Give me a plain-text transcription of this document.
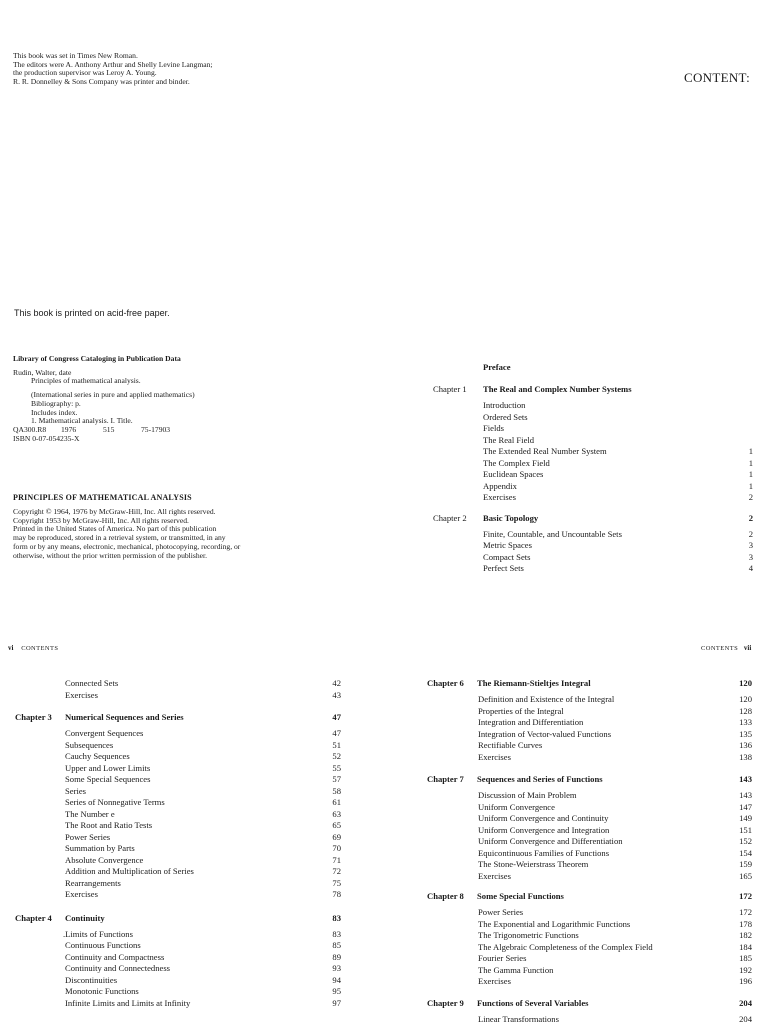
This book was set in Times New Roman.
The editors were A. Anthony Arthur and Shelly Levine Langman;
the production supervisor was Leroy A. Young.
R. R. Donnelley & Sons Company was printer and binder.
This book is printed on acid-free paper.
Library of Congress Cataloging in Publication Data
Rudin, Walter, date
Principles of mathematical analysis.
(International series in pure and applied mathematics)
Bibliography: p.
Includes index.
1. Mathematical analysis. I. Title.
QA300.R8 1976	515	75-17903
ISBN 0-07-054235-X
PRINCIPLES OF MATHEMATICAL ANALYSIS
Copyright © 1964, 1976 by McGraw-Hill, Inc. All rights reserved.
Copyright 1953 by McGraw-Hill, Inc. All rights reserved.
Printed in the United States of America. No part of this publication
may be reproduced, stored in a retrieval system, or transmitted, in any
form or by any means, electronic, mechanical, photocopying, recording, or
otherwise, without the prior written permission of the publisher.
CONTENT:
Preface
Chapter 1 The Real and Complex Number Systems
Introduction
Ordered Sets
Fields
The Real Field
The Extended Real Number System	1
The Complex Field	1
Euclidean Spaces	1
Appendix	1
Exercises	2
Chapter 2 Basic Topology	2
Finite, Countable, and Uncountable Sets	2
Metric Spaces	3
Compact Sets	3
Perfect Sets	4
vi CONTENTS
Connected Sets	42
Exercises	43
Chapter 3 Numerical Sequences and Series	47
Convergent Sequences	47
Subsequences	51
Cauchy Sequences	52
Upper and Lower Limits	55
Some Special Sequences	57
Series	58
Series of Nonnegative Terms	61
The Number e	63
The Root and Ratio Tests	65
Power Series	69
Summation by Parts	70
Absolute Convergence	71
Addition and Multiplication of Series	72
Rearrangements	75
Exercises	78
Chapter 4 Continuity	83
.Limits of Functions	83
Continuous Functions	85
Continuity and Compactness	89
Continuity and Connectedness	93
Discontinuities	94
Monotonic Functions	95
Infinite Limits and Limits at Infinity	97
CONTENTS vii
Chapter 6 The Riemann-Stieltjes Integral	120
Definition and Existence of the Integral	120
Properties of the Integral	128
Integration and Differentiation	133
Integration of Vector-valued Functions	135
Rectifiable Curves	136
Exercises	138
Chapter 7 Sequences and Series of Functions	143
Discussion of Main Problem	143
Uniform Convergence	147
Uniform Convergence and Continuity	149
Uniform Convergence and Integration	151
Uniform Convergence and Differentiation	152
Equicontinuous Families of Functions	154
The Stone-Weierstrass Theorem	159
Exercises	165
Chapter 8 Some Special Functions	172
Power Series	172
The Exponential and Logarithmic Functions	178
The Trigonometric Functions	182
The Algebraic Completeness of the Complex Field	184
Fourier Series	185
The Gamma Function	192
Exercises	196
Chapter 9 Functions of Several Variables	204
Linear Transformations	204
